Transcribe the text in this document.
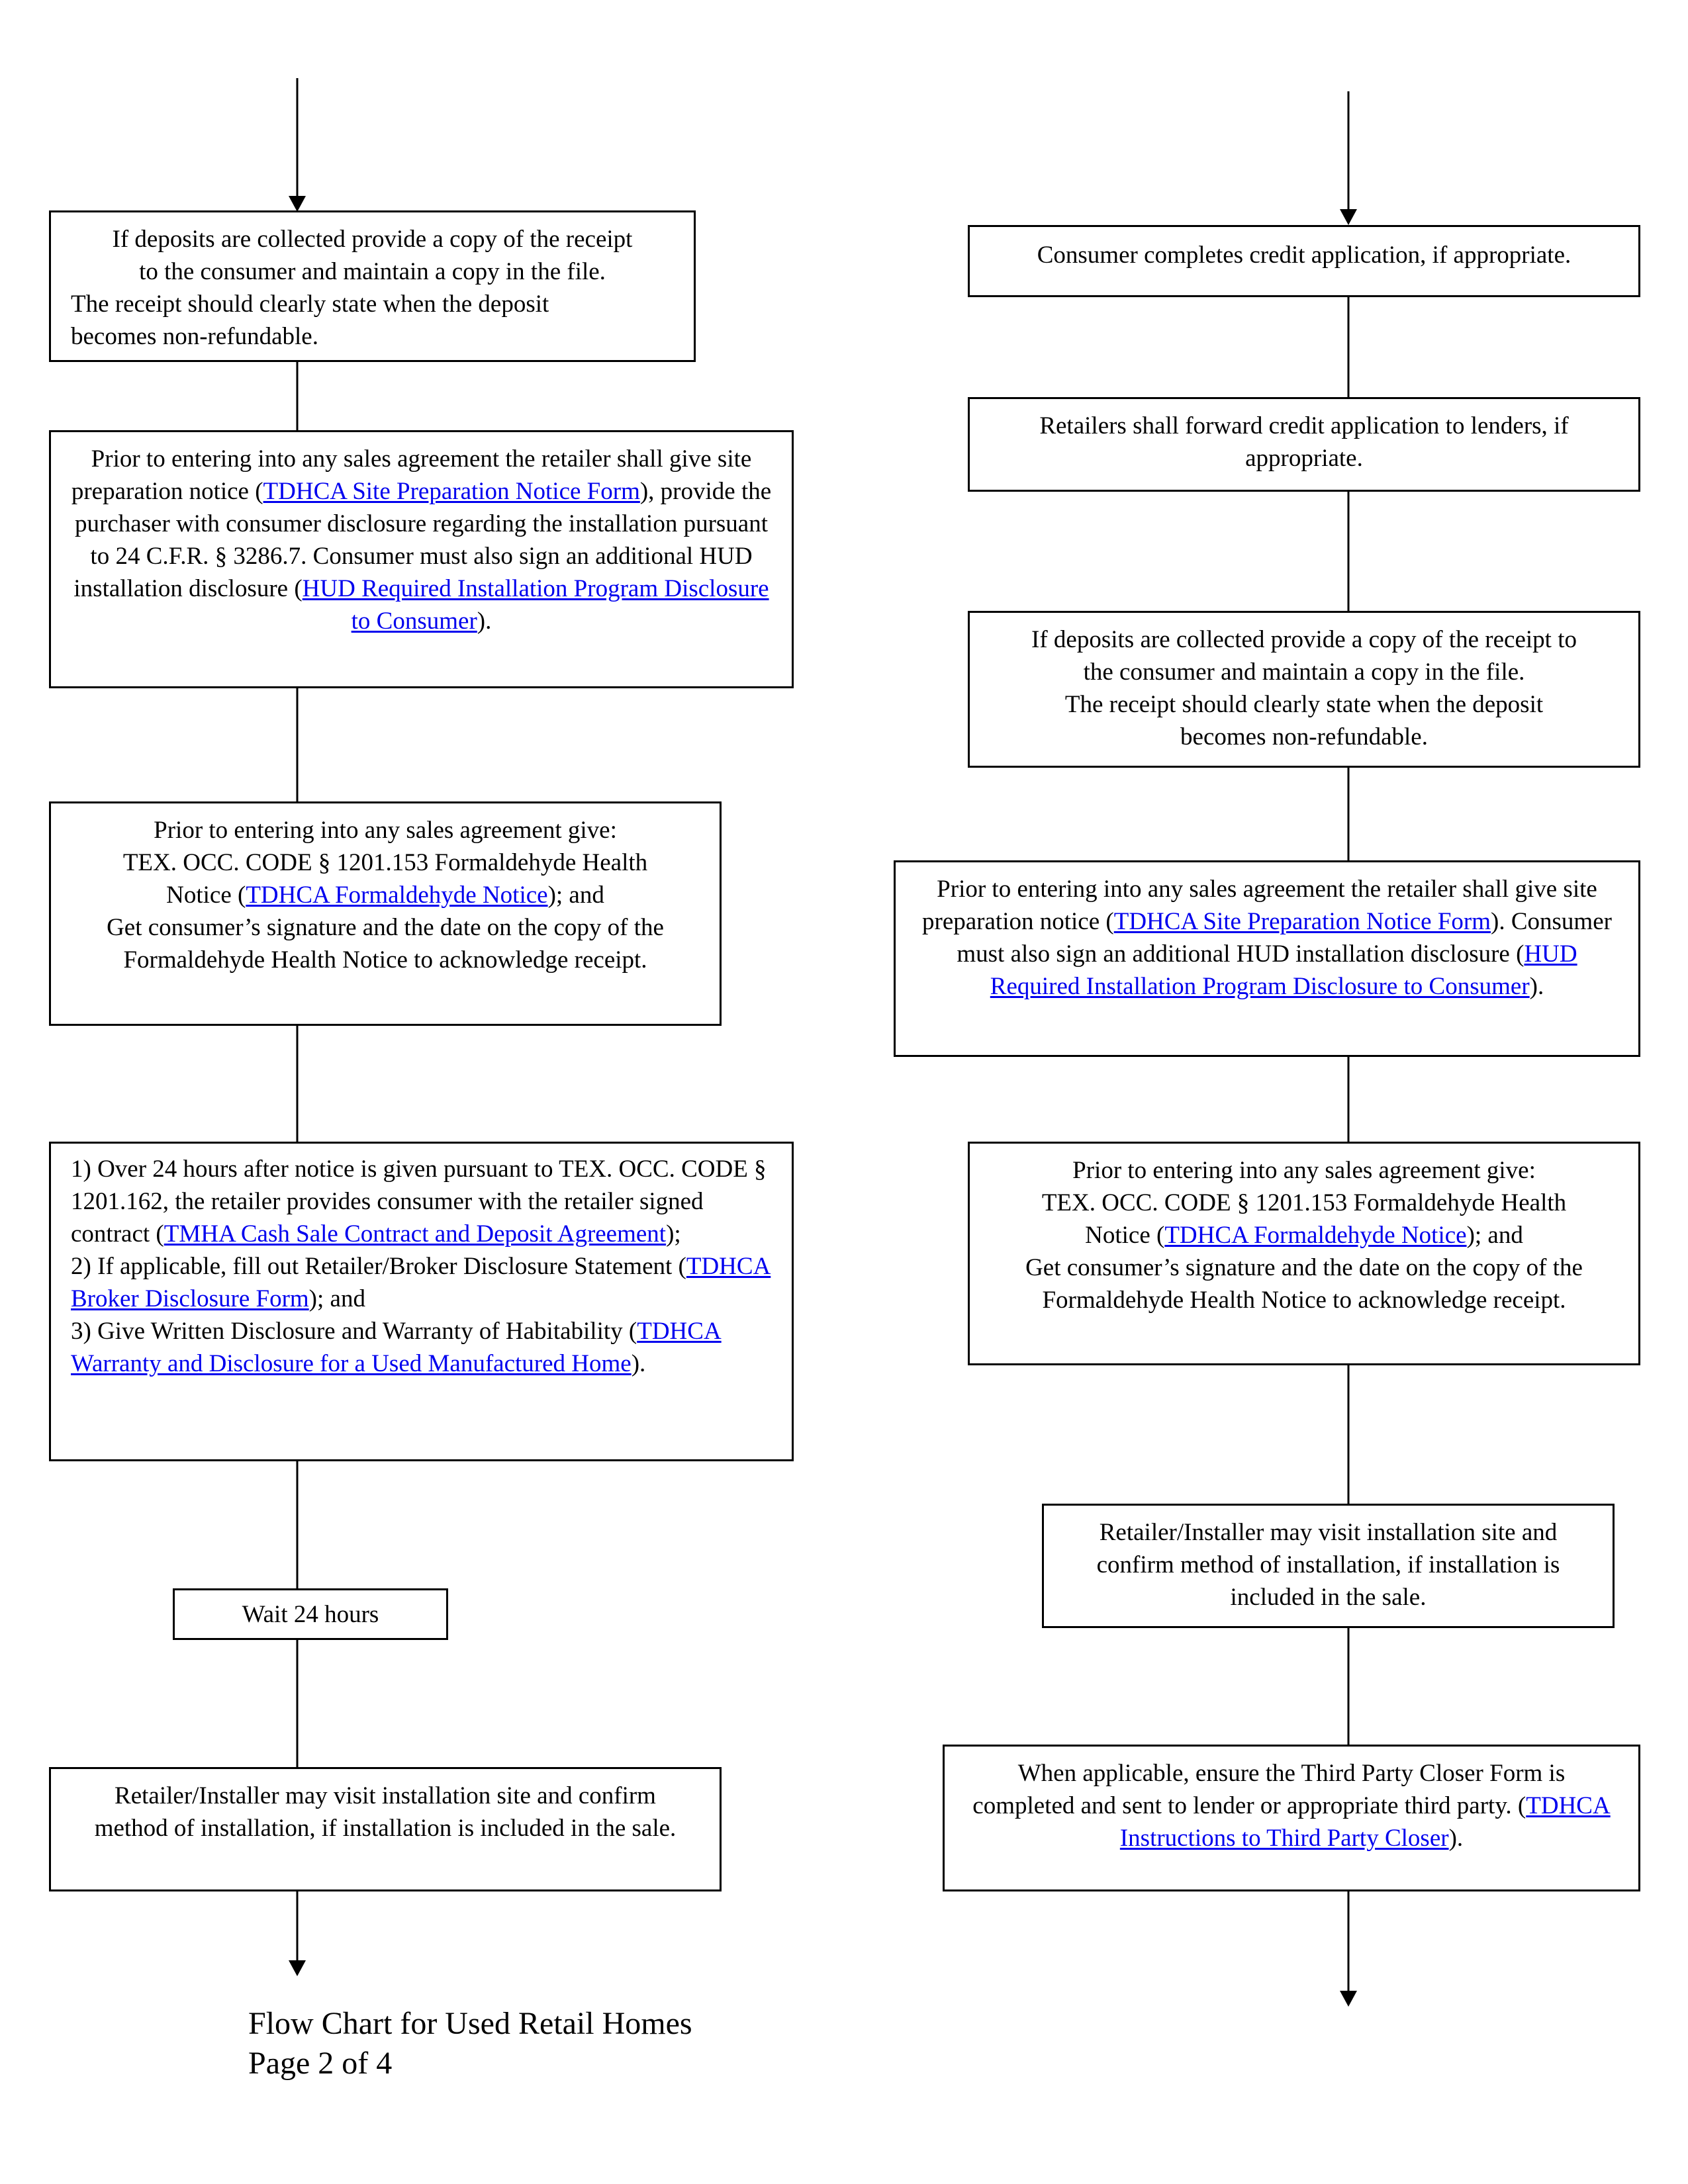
If deposits are collected provide a copy of the receipt

to the consumer and maintain a copy in the file.

The receipt should clearly state when the deposit

becomes non-refundable.

Prior to entering into any sales agreement the retailer shall give site preparation notice (TDHCA Site Preparation Notice Form), provide the purchaser with consumer disclosure regarding the installation pursuant to 24 C.F.R. § 3286.7. Consumer must also sign an additional HUD installation disclosure (HUD Required Installation Program Disclosure to Consumer).

Prior to entering into any sales agreement give:

TEX. OCC. CODE § 1201.153 Formaldehyde Health

Notice (TDHCA Formaldehyde Notice); and

Get consumer’s signature and the date on the copy of the

Formaldehyde Health Notice to acknowledge receipt.

1) Over 24 hours after notice is given pursuant to TEX. OCC. CODE § 1201.162, the retailer provides consumer with the retailer signed contract (TMHA Cash Sale Contract and Deposit Agreement);

2) If applicable, fill out Retailer/Broker Disclosure Statement (TDHCA Broker Disclosure Form); and

3) Give Written Disclosure and Warranty of Habitability (TDHCA Warranty and Disclosure for a Used Manufactured Home).

Wait 24 hours

Retailer/Installer may visit installation site and confirm method of installation, if installation is included in the sale.

Consumer completes credit application, if appropriate.

Retailers shall forward credit application to lenders, if appropriate.

If deposits are collected provide a copy of the receipt to

the consumer and maintain a copy in the file.

The receipt should clearly state when the deposit

becomes non-refundable.

Prior to entering into any sales agreement the retailer shall give site preparation notice (TDHCA Site Preparation Notice Form). Consumer must also sign an additional HUD installation disclosure (HUD Required Installation Program Disclosure to Consumer).

Prior to entering into any sales agreement give:

TEX. OCC. CODE § 1201.153 Formaldehyde Health

Notice (TDHCA Formaldehyde Notice); and

Get consumer’s signature and the date on the copy of the

Formaldehyde Health Notice to acknowledge receipt.

Retailer/Installer may visit installation site and confirm method of installation, if installation is included in the sale.

When applicable, ensure the Third Party Closer Form is completed and sent to lender or appropriate third party. (TDHCA Instructions to Third Party Closer).

Flow Chart for Used Retail Homes
Page 2 of 4
